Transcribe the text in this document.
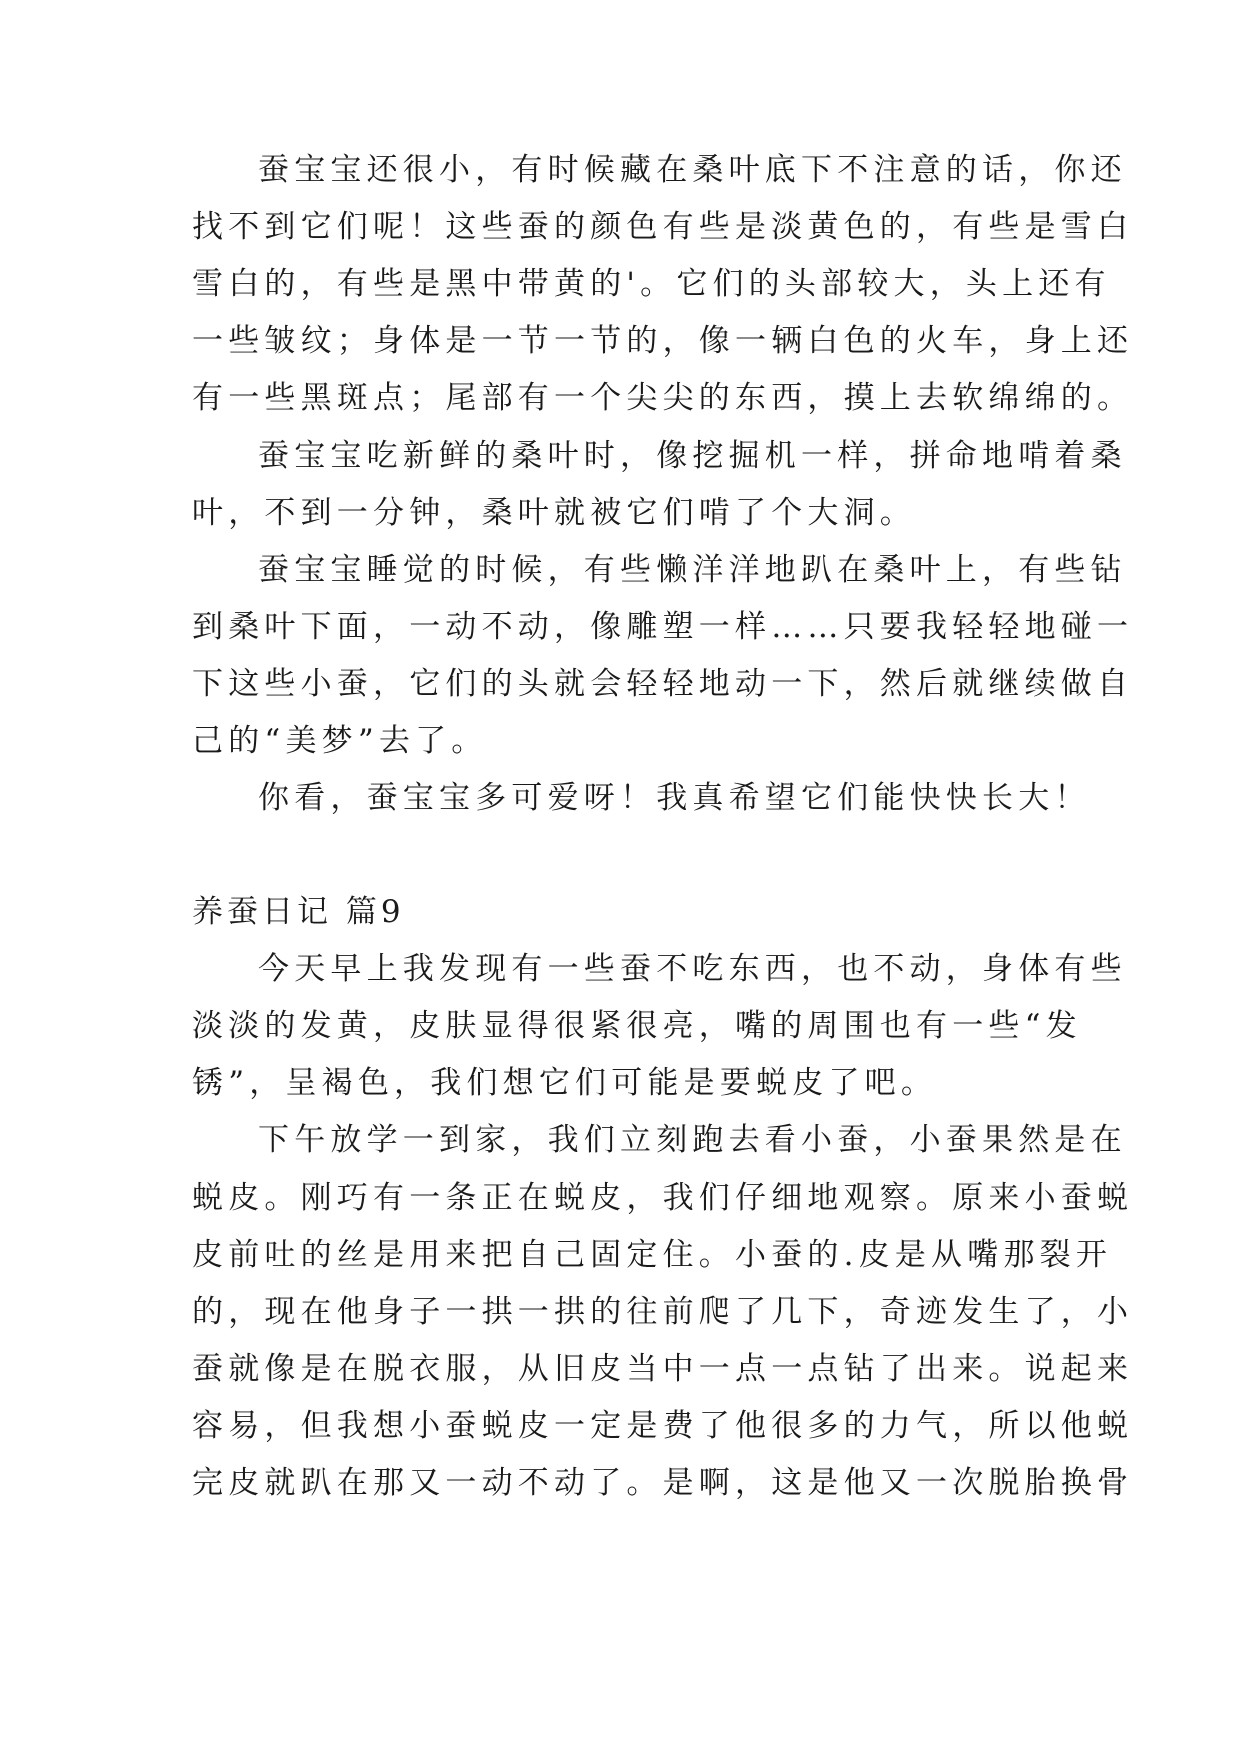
蚕宝宝还很小，有时候藏在桑叶底下不注意的话，你还
找不到它们呢！这些蚕的颜色有些是淡黄色的，有些是雪白
雪白的，有些是黑中带黄的'。它们的头部较大，头上还有
一些皱纹；身体是一节一节的，像一辆白色的火车，身上还
有一些黑斑点；尾部有一个尖尖的东西，摸上去软绵绵的。
蚕宝宝吃新鲜的桑叶时，像挖掘机一样，拼命地啃着桑
叶，不到一分钟，桑叶就被它们啃了个大洞。
蚕宝宝睡觉的时候，有些懒洋洋地趴在桑叶上，有些钻
到桑叶下面，一动不动，像雕塑一样……只要我轻轻地碰一
下这些小蚕，它们的头就会轻轻地动一下，然后就继续做自
己的“美梦”去了。
你看，蚕宝宝多可爱呀！我真希望它们能快快长大！
养蚕日记 篇9
今天早上我发现有一些蚕不吃东西，也不动，身体有些
淡淡的发黄，皮肤显得很紧很亮，嘴的周围也有一些“发
锈”，呈褐色，我们想它们可能是要蜕皮了吧。
下午放学一到家，我们立刻跑去看小蚕，小蚕果然是在
蜕皮。刚巧有一条正在蜕皮，我们仔细地观察。原来小蚕蜕
皮前吐的丝是用来把自己固定住。小蚕的.皮是从嘴那裂开
的，现在他身子一拱一拱的往前爬了几下，奇迹发生了，小
蚕就像是在脱衣服，从旧皮当中一点一点钻了出来。说起来
容易，但我想小蚕蜕皮一定是费了他很多的力气，所以他蜕
完皮就趴在那又一动不动了。是啊，这是他又一次脱胎换骨
